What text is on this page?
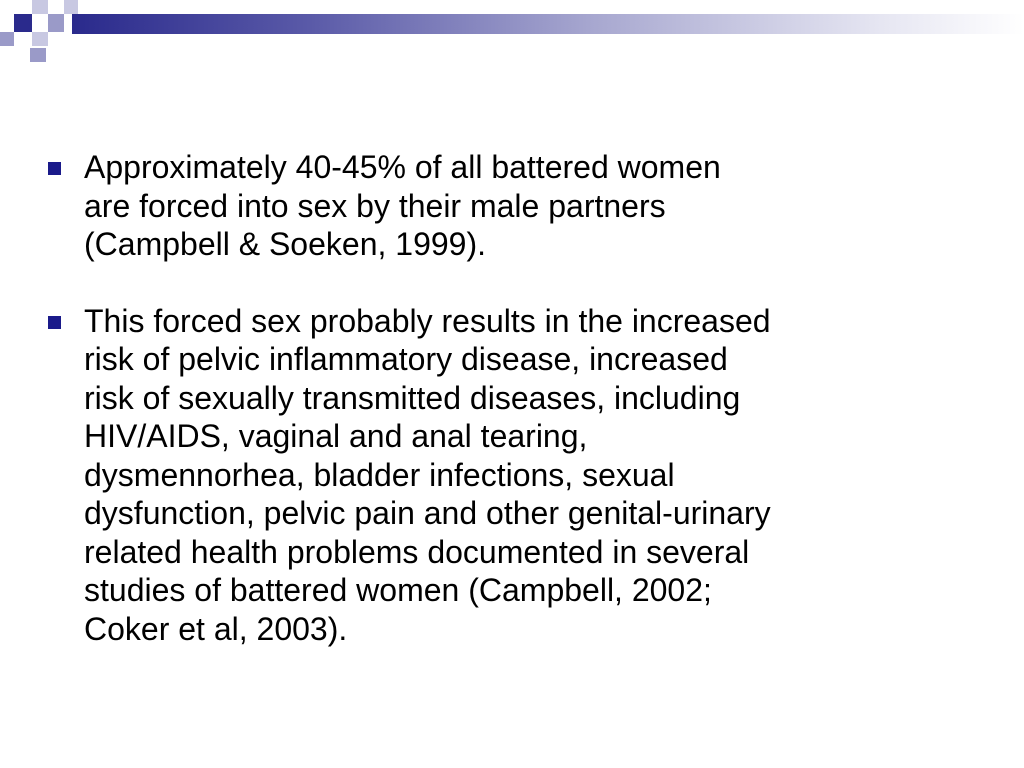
Approximately 40-45% of all battered women
are forced into sex by their male partners
(Campbell & Soeken, 1999).
This forced sex probably results in the increased
risk of pelvic inflammatory disease, increased
risk of sexually transmitted diseases, including
HIV/AIDS, vaginal and anal tearing,
dysmennorhea, bladder infections, sexual
dysfunction, pelvic pain and other genital-urinary
related health problems documented in several
studies of battered women (Campbell, 2002;
Coker et al, 2003).
